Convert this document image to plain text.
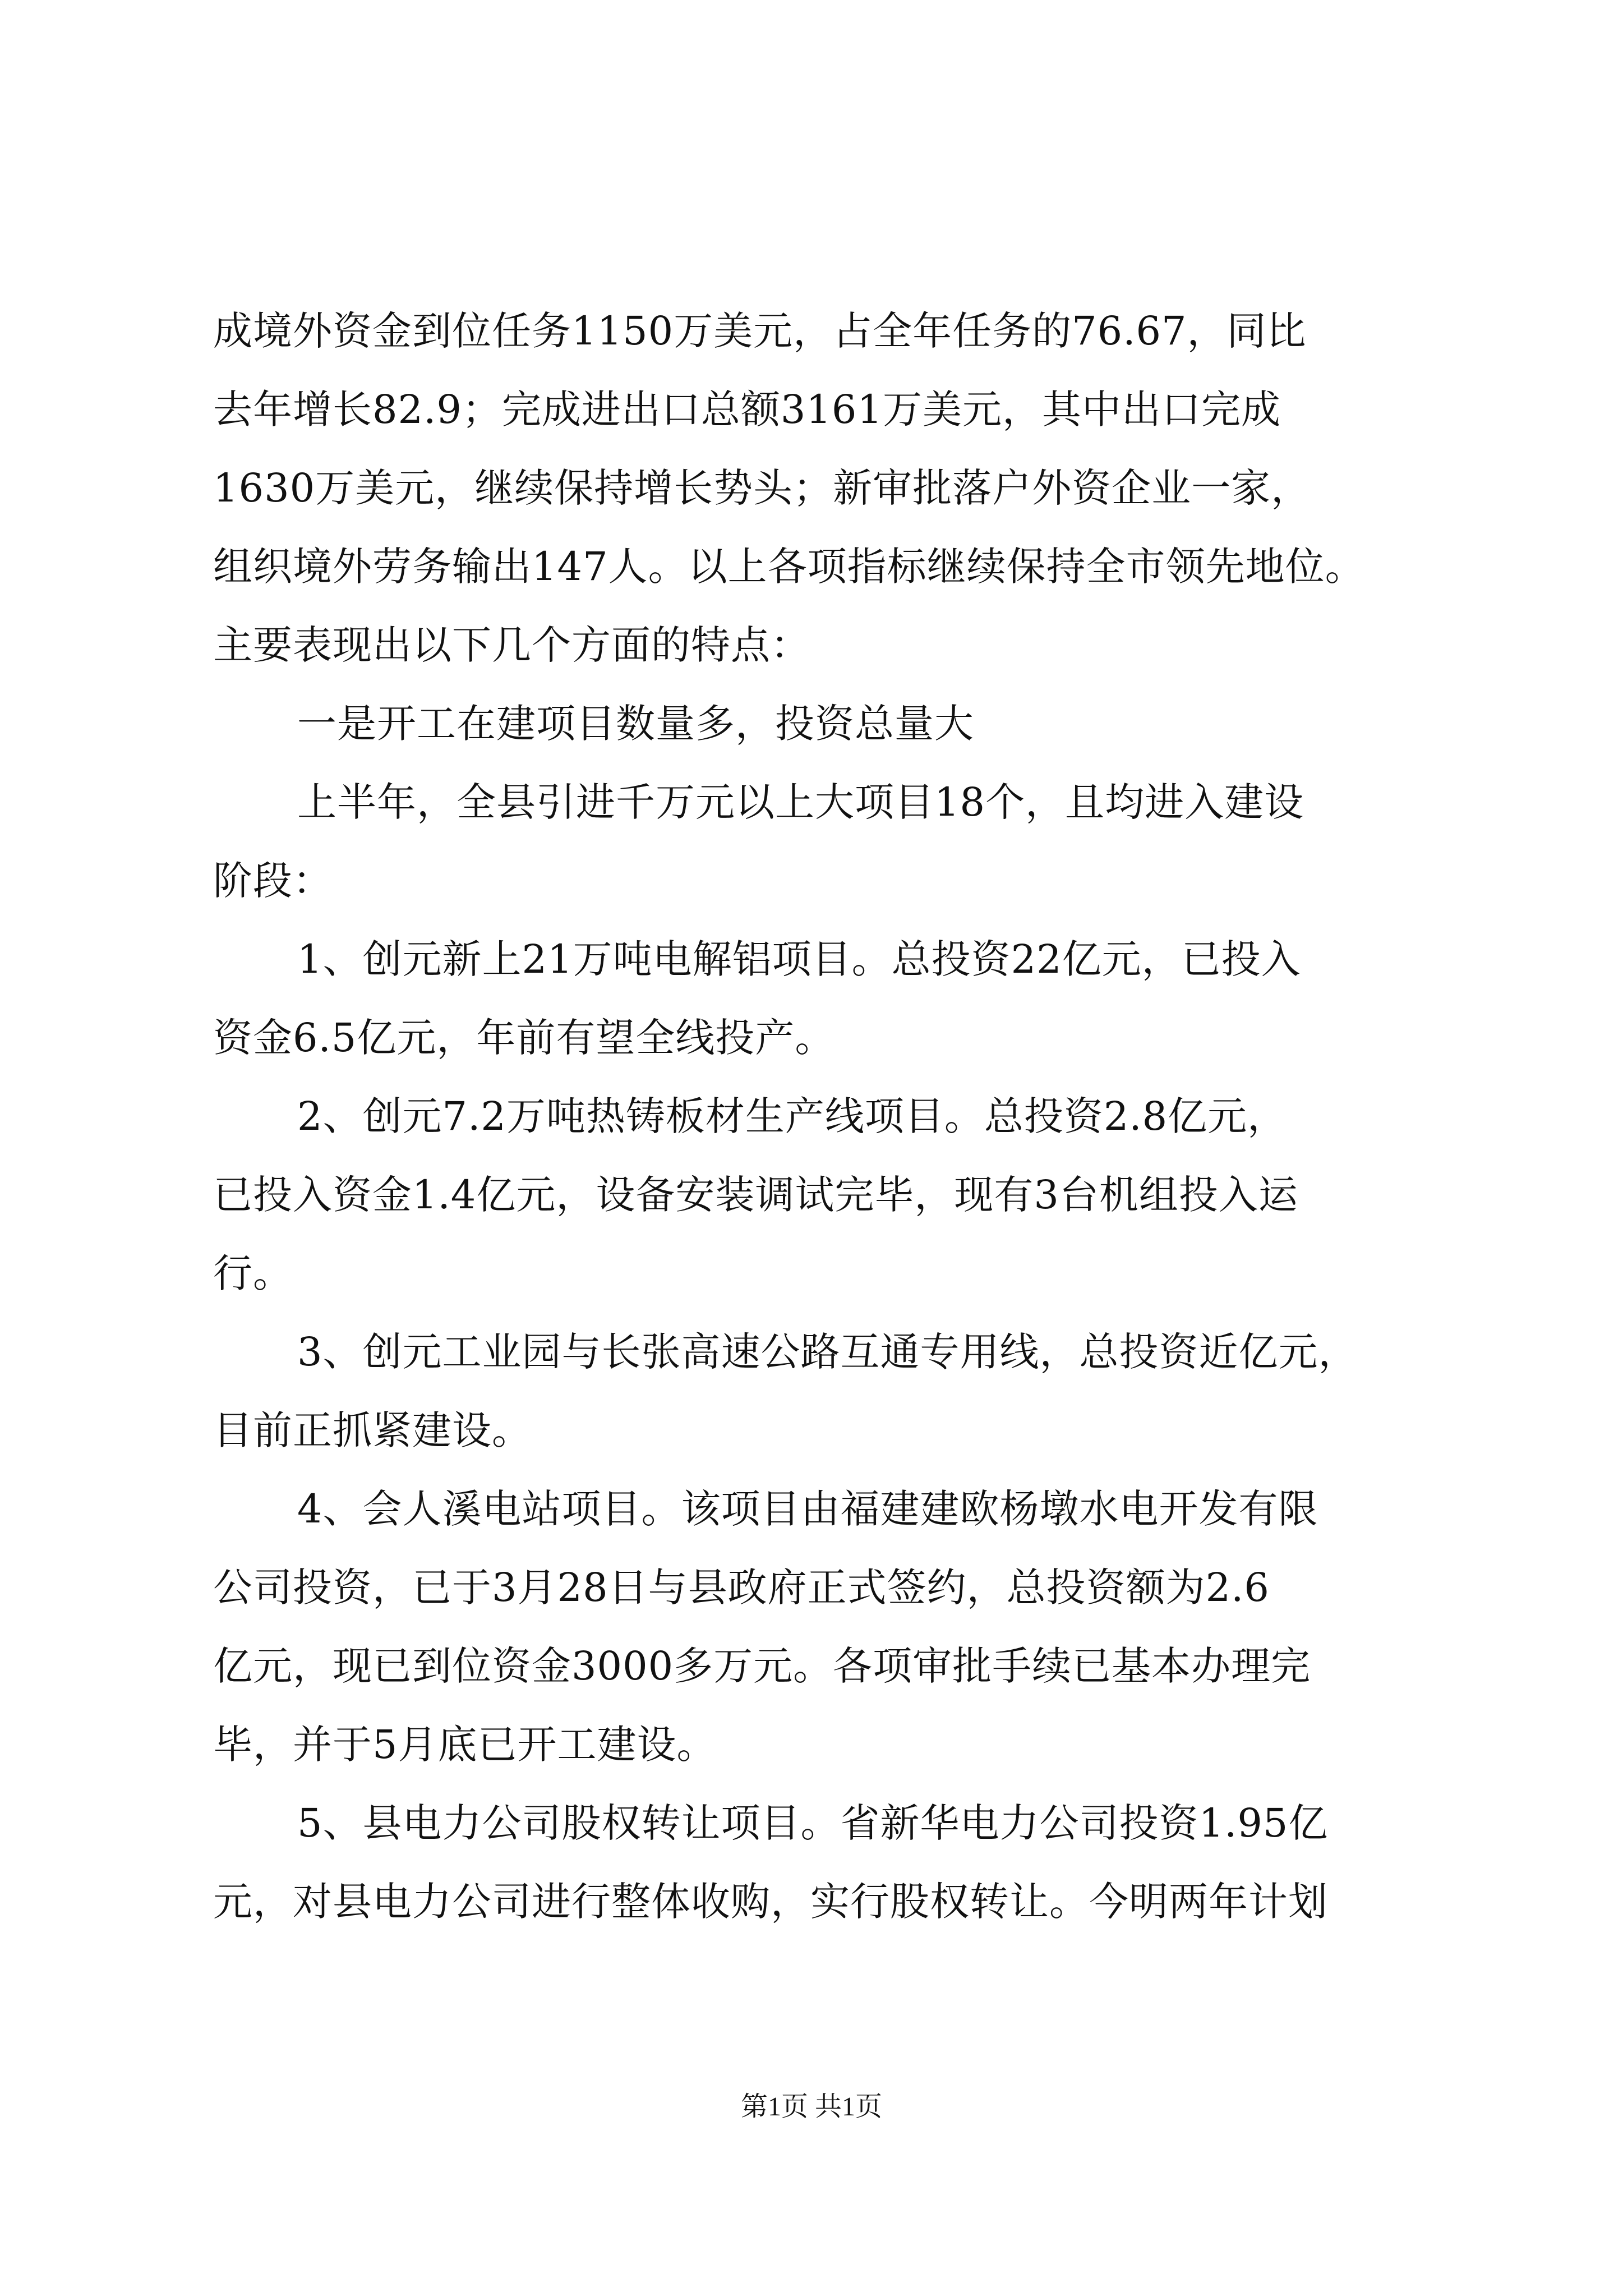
成境外资金到位任务1150万美元，占全年任务的76.67，同比
去年增长82.9；完成进出口总额3161万美元，其中出口完成
1630万美元，继续保持增长势头；新审批落户外资企业一家，
组织境外劳务输出147人。以上各项指标继续保持全市领先地位。
主要表现出以下几个方面的特点：
一是开工在建项目数量多，投资总量大
上半年，全县引进千万元以上大项目18个，且均进入建设
阶段：
1、创元新上21万吨电解铝项目。总投资22亿元，已投入
资金6.5亿元，年前有望全线投产。
2、创元7.2万吨热铸板材生产线项目。总投资2.8亿元，
已投入资金1.4亿元，设备安装调试完毕，现有3台机组投入运
行。
3、创元工业园与长张高速公路互通专用线，总投资近亿元，
目前正抓紧建设。
4、会人溪电站项目。该项目由福建建欧杨墩水电开发有限
公司投资，已于3月28日与县政府正式签约，总投资额为2.6
亿元，现已到位资金3000多万元。各项审批手续已基本办理完
毕，并于5月底已开工建设。
5、县电力公司股权转让项目。省新华电力公司投资1.95亿
元，对县电力公司进行整体收购，实行股权转让。今明两年计划
第1页 共1页
